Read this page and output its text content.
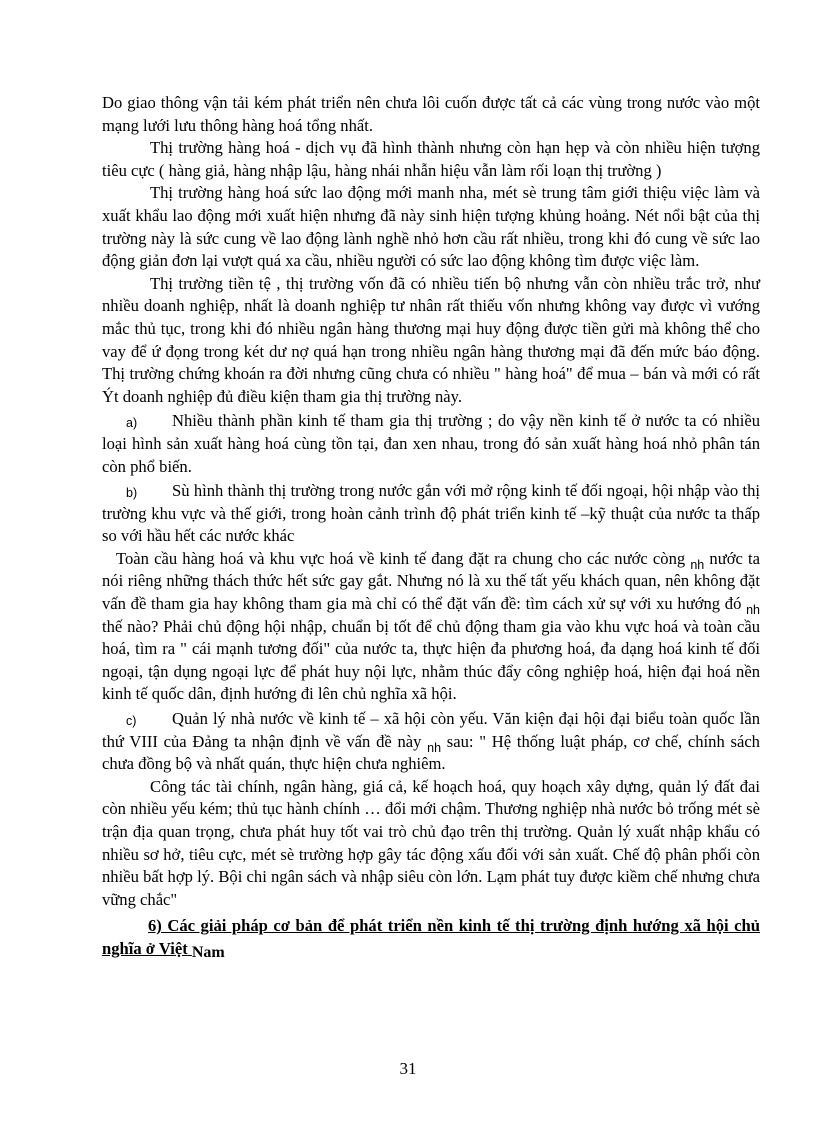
Do giao thông vận tải kém phát triển nên chưa lôi cuốn được tất cả các vùng trong nước vào một mạng lưới lưu thông hàng hoá tổng nhất.

Thị trường hàng hoá - dịch vụ đã hình thành nhưng còn hạn hẹp và còn nhiều hiện tượng tiêu cực ( hàng giả, hàng nhập lậu, hàng nhái nhẫn hiệu vẫn làm rối loạn thị trường )

Thị trường hàng hoá sức lao động mới manh nha, mét sè trung tâm giới thiệu việc làm và xuất khẩu lao động mới xuất hiện nhưng đã này sinh hiện tượng khủng hoảng. Nét nổi bật của thị trường này là sức cung về lao động lành nghề nhỏ hơn cầu rất nhiều, trong khi đó cung về sức lao động giản đơn lại vượt quá xa cầu, nhiều người có sức lao động không tìm được việc làm.

Thị trường tiền tệ , thị trường vốn đã có nhiều tiến bộ nhưng vẫn còn nhiều trắc trở, như nhiều doanh nghiệp, nhất là doanh nghiệp tư nhân rất thiếu vốn nhưng không vay được vì vướng mắc thủ tục, trong khi đó nhiều ngân hàng thương mại huy động được tiền gửi mà không thể cho vay để ứ đọng trong két dư nợ quá hạn trong nhiều ngân hàng thương mại đã đến mức báo động. Thị trường chứng khoán ra đời nhưng cũng chưa có nhiều " hàng hoá" để mua – bán và mới có rất Ýt doanh nghiệp đủ điều kiện tham gia thị trường này.

a) Nhiều thành phần kinh tế tham gia thị trường ; do vậy nền kinh tế ở nước ta có nhiều loại hình sản xuất hàng hoá cùng tồn tại, đan xen nhau, trong đó sản xuất hàng hoá nhỏ phân tán còn phổ biến.

b) Sù hình thành thị trường trong nước gắn với mở rộng kinh tế đối ngoại, hội nhập vào thị trường khu vực và thế giới, trong hoàn cảnh trình độ phát triển kinh tế –kỹ thuật của nước ta thấp so với hầu hết các nước khác

Toàn cầu hàng hoá và khu vực hoá về kinh tế đang đặt ra chung cho các nước còng $_{nh}$ nước ta nói riêng những thách thức hết sức gay gắt. Nhưng nó là xu thế tất yếu khách quan, nên không đặt vấn đề tham gia hay không tham gia mà chỉ có thể đặt vấn đề: tìm cách xử sự với xu hướng đó $_{nh}$ thế nào? Phải chủ động hội nhập, chuẩn bị tốt để chủ động tham gia vào khu vực hoá và toàn cầu hoá, tìm ra " cái mạnh tương đối" của nước ta, thực hiện đa phương hoá, đa dạng hoá kinh tế đối ngoại, tận dụng ngoại lực để phát huy nội lực, nhằm thúc đẩy công nghiệp hoá, hiện đại hoá nền kinh tế quốc dân, định hướng đi lên chủ nghĩa xã hội.

c) Quản lý nhà nước về kinh tế – xã hội còn yếu. Văn kiện đại hội đại biểu toàn quốc lần thứ VIII của Đảng ta nhận định về vấn đề này $_{nh}$ sau: " Hệ thống luật pháp, cơ chế, chính sách chưa đồng bộ và nhất quán, thực hiện chưa nghiêm.

Công tác tài chính, ngân hàng, giá cả, kế hoạch hoá, quy hoạch xây dựng, quản lý đất đai còn nhiều yếu kém; thủ tục hành chính … đổi mới chậm. Thương nghiệp nhà nước bỏ trống mét sè trận địa quan trọng, chưa phát huy tốt vai trò chủ đạo trên thị trường. Quản lý xuất nhập khẩu có nhiều sơ hở, tiêu cực, mét sè trường hợp gây tác động xấu đối với sản xuất. Chế độ phân phối còn nhiều bất hợp lý. Bội chi ngân sách và nhập siêu còn lớn. Lạm phát tuy được kiềm chế nhưng chưa vững chắc"

6) Các giải pháp cơ bản để phát triển nền kinh tế thị trường định hướng xã hội chủ nghĩa ở Việt Nam

31
